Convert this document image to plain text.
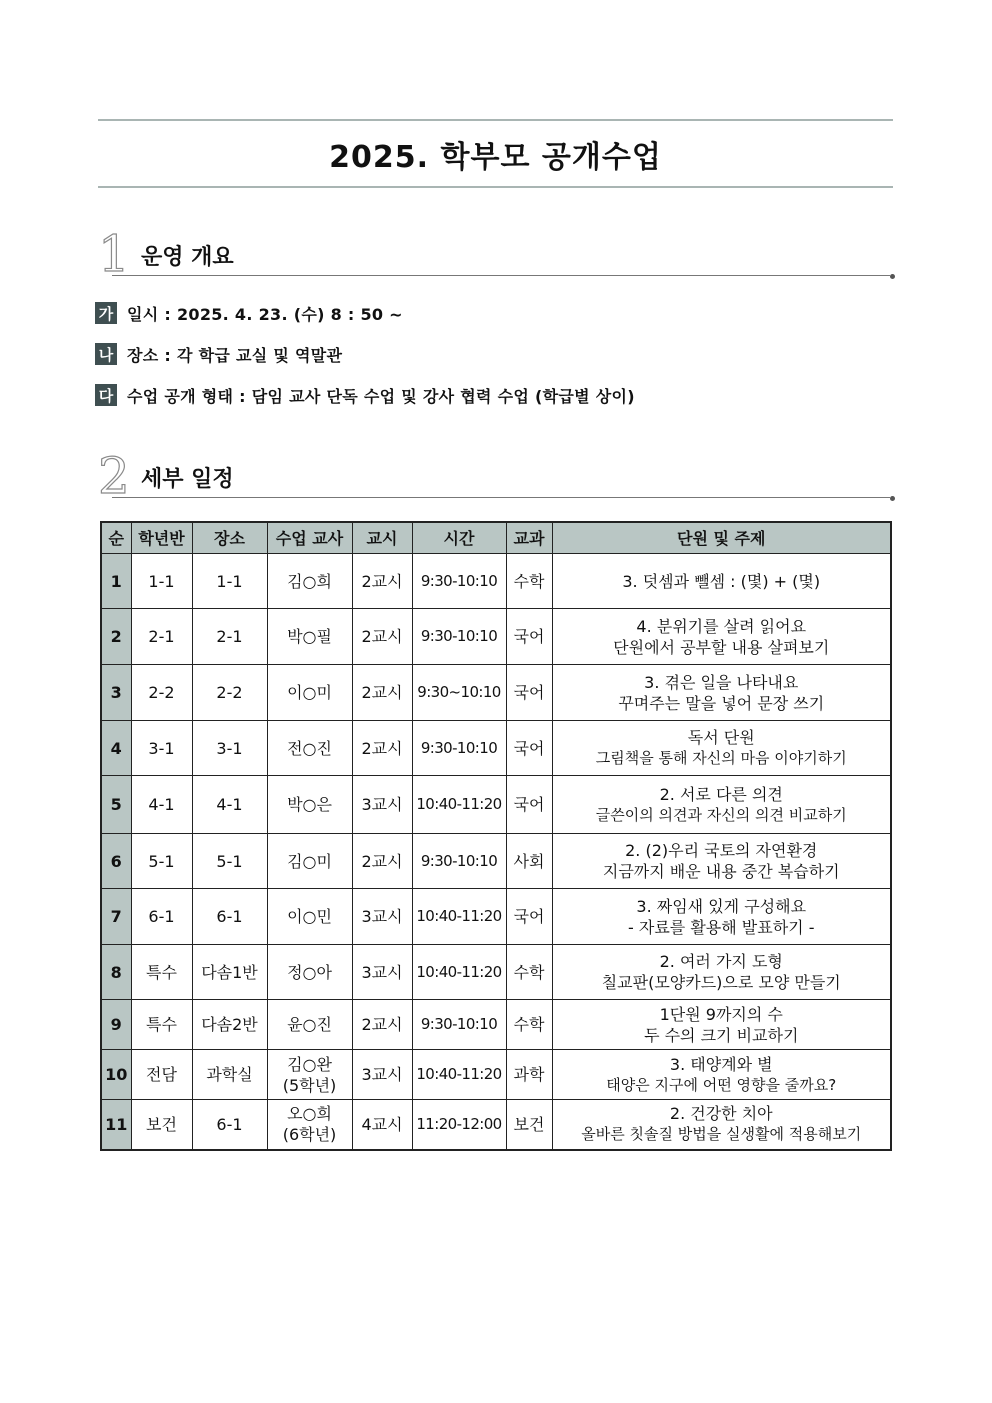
2025. 학부모 공개수업
1 운영 개요
가 일시 : 2025. 4. 23. (수) 8 : 50 ~
나 장소 : 각 학급 교실 및 역말관
다 수업 공개 형태 : 담임 교사 단독 수업 및 강사 협력 수업 (학급별 상이)
2 세부 일정
순	학년반	장소	수업 교사	교시	시간	교과	단원 및 주제
1	1-1	1-1	김○희	2교시	9:30-10:10	수학	3. 덧셈과 뺄셈 : (몇) + (몇)

2	2-1	2-1	박○필	2교시	9:30-10:10	국어	4. 분위기를 살려 읽어요
단원에서 공부할 내용 살펴보기

3	2-2	2-2	이○미	2교시	9:30~10:10	국어	3. 겪은 일을 나타내요
꾸며주는 말을 넣어 문장 쓰기

4	3-1	3-1	전○진	2교시	9:30-10:10	국어	독서 단원
그림책을 통해 자신의 마음 이야기하기

5	4-1	4-1	박○은	3교시	10:40-11:20	국어	2. 서로 다른 의견
글쓴이의 의견과 자신의 의견 비교하기

6	5-1	5-1	김○미	2교시	9:30-10:10	사회	2. (2)우리 국토의 자연환경
지금까지 배운 내용 중간 복습하기

7	6-1	6-1	이○민	3교시	10:40-11:20	국어	3. 짜임새 있게 구성해요
- 자료를 활용해 발표하기 -

8	특수	다솜1반	정○아	3교시	10:40-11:20	수학	2. 여러 가지 도형
칠교판(모양카드)으로 모양 만들기

9	특수	다솜2반	윤○진	2교시	9:30-10:10	수학	1단원 9까지의 수
두 수의 크기 비교하기

10	전담	과학실	김○완
(5학년)	3교시	10:40-11:20	과학	3. 태양계와 별
태양은 지구에 어떤 영향을 줄까요?

11	보건	6-1	오○희
(6학년)	4교시	11:20-12:00	보건	2. 건강한 치아
올바른 칫솔질 방법을 실생활에 적용해보기
